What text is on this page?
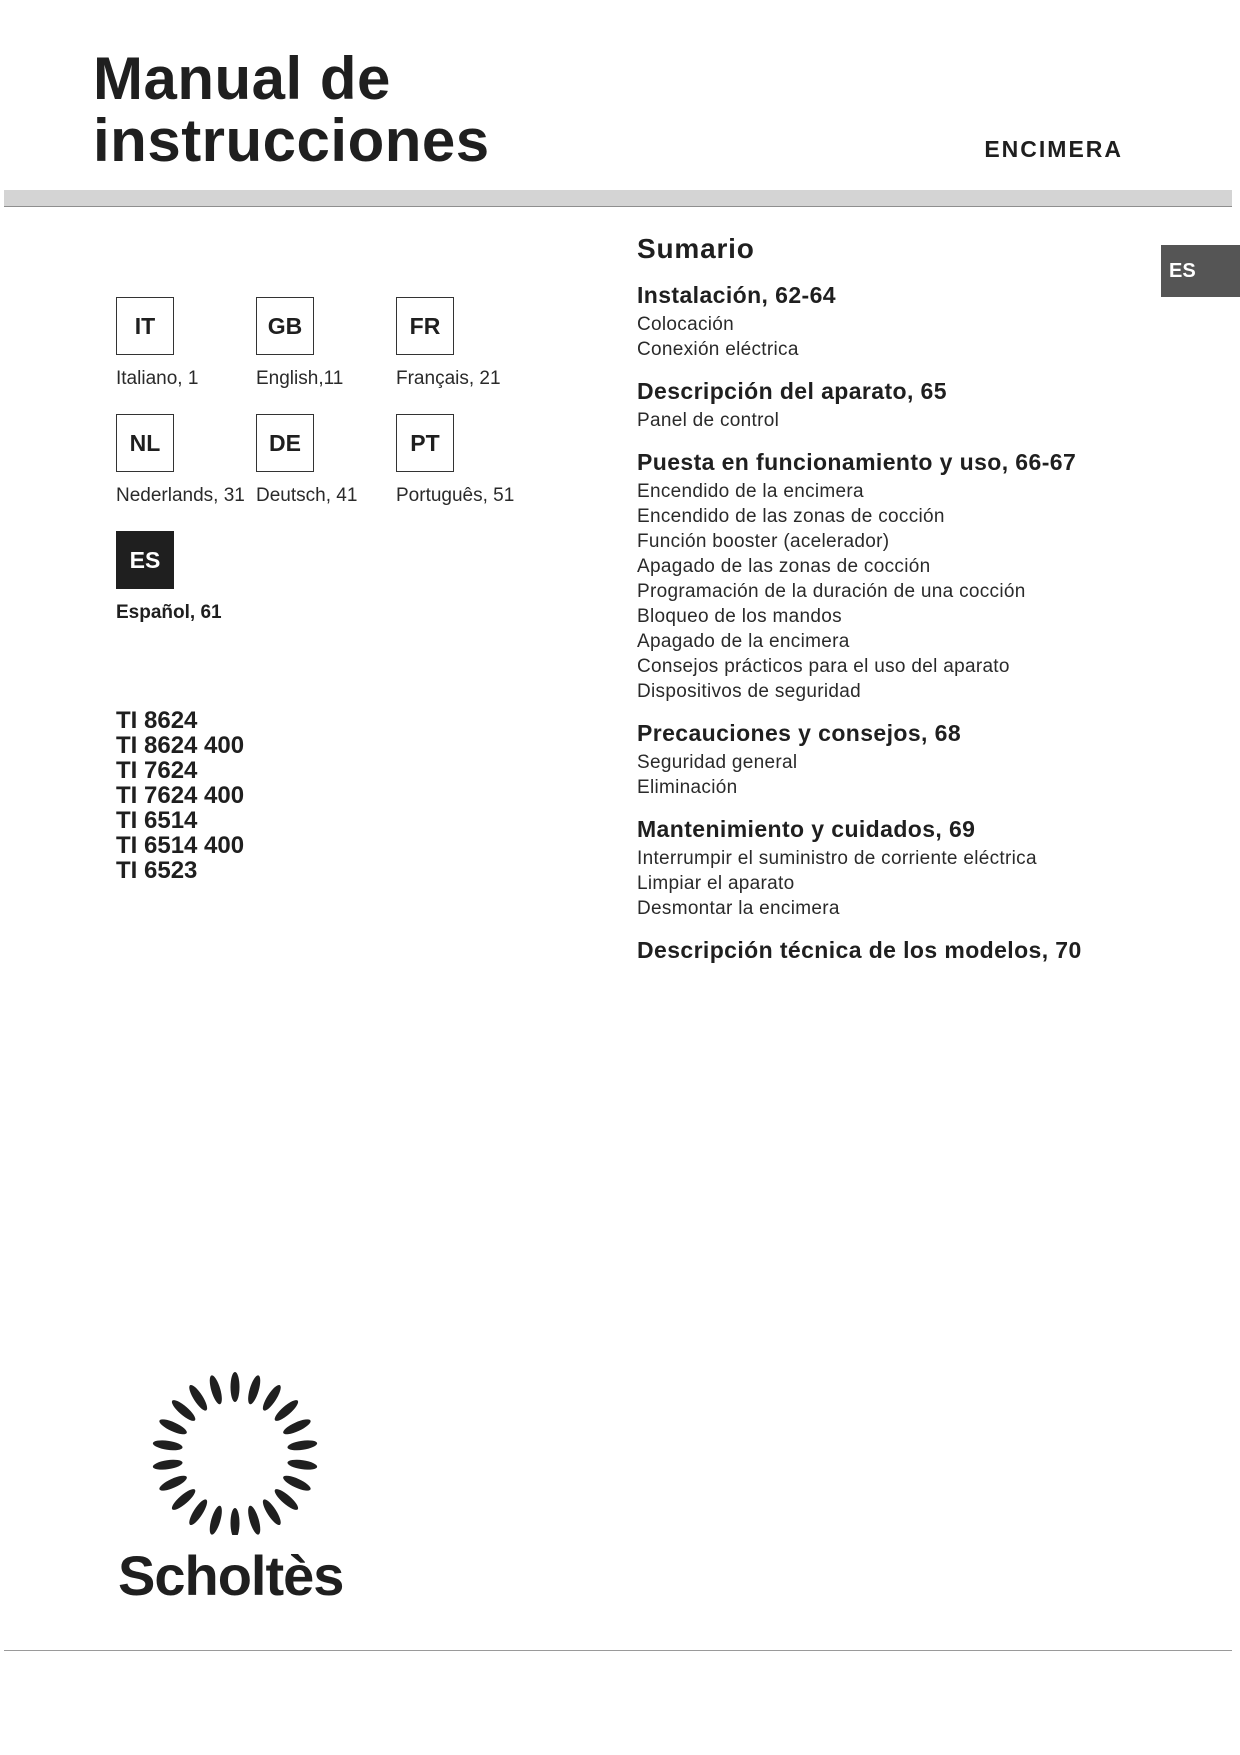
Manual de
instrucciones	ENCIMERA
ES
IT
Italiano, 1
GB
English,11
FR
Français, 21
NL
Nederlands, 31
DE
Deutsch, 41
PT
Português, 51
ES
Español, 61
TI 8624
TI 8624 400
TI 7624
TI 7624 400
TI 6514
TI 6514 400
TI 6523
Sumario
Instalación, 62-64
Colocación
Conexión eléctrica
Descripción del aparato, 65
Panel de control
Puesta en funcionamiento y uso, 66-67
Encendido de la encimera
Encendido de las zonas de cocción
Función booster (acelerador)
Apagado de las zonas de cocción
Programación de la duración de una cocción
Bloqueo de los mandos
Apagado de la encimera
Consejos prácticos para el uso del aparato
Dispositivos de seguridad
Precauciones y consejos, 68
Seguridad general
Eliminación
Mantenimiento y cuidados, 69
Interrumpir el suministro de corriente eléctrica
Limpiar el aparato
Desmontar la encimera
Descripción técnica de los modelos, 70
Scholtès
